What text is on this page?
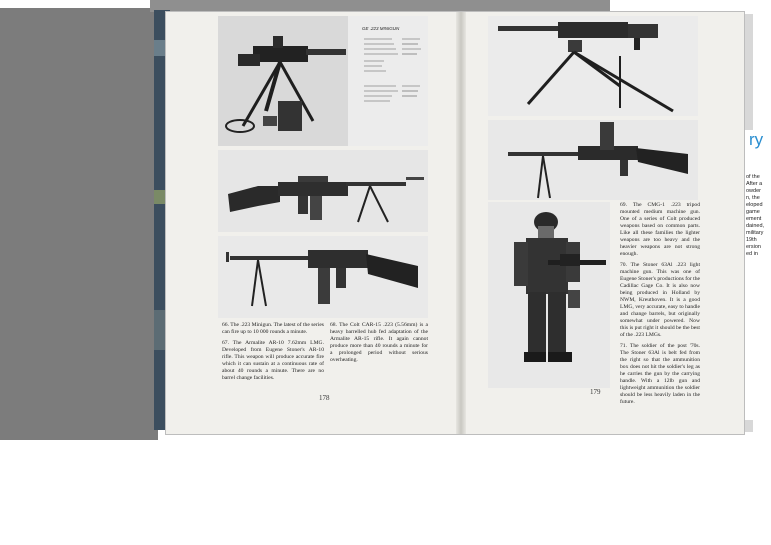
ry
of the
After a
owder
n, the
eloped
game
ement
dained,
military
19th
ersion
ed in
GE .223 MINIGUN

66. The .223 Minigun. The latest of the series can fire up to 10 000 rounds a minute.

67. The Armalite AR-10 7.62mm LMG. Developed from Eugene Stoner's AR-10 rifle. This weapon will produce accurate fire which it can sustain at a continuous rate of about 40 rounds a minute. There are no barrel change facilities.

68. The Colt CAR-15 .223 (5.56mm) is a heavy barrelled hub fed adaptation of the Armalite AR-15 rifle. It again cannot produce more than 40 rounds a minute for a prolonged period without serious overheating.

178

69. The CMG-1 .223 tripod mounted medium machine gun. One of a series of Colt produced weapons based on common parts. Like all these families the lighter weapons are too heavy and the heavier weapons are not strong enough.

70. The Stoner 63Al .223 light machine gun. This was one of Eugene Stoner's productions for the Cadillac Gage Co. It is also now being produced in Holland by NWM, Kreuthoven. It is a good LMG, very accurate, easy to handle and change barrels, but originally somewhat under powered. Now this is put right it should be the best of the .223 LMGs.

71. The soldier of the post '70s. The Stoner 63Al is belt fed from the right so that the ammunition box does not hit the soldier's leg as he carries the gun by the carrying handle. With a 12lb gun and lightweight ammunition the soldier should be less heavily laden in the future.

179
